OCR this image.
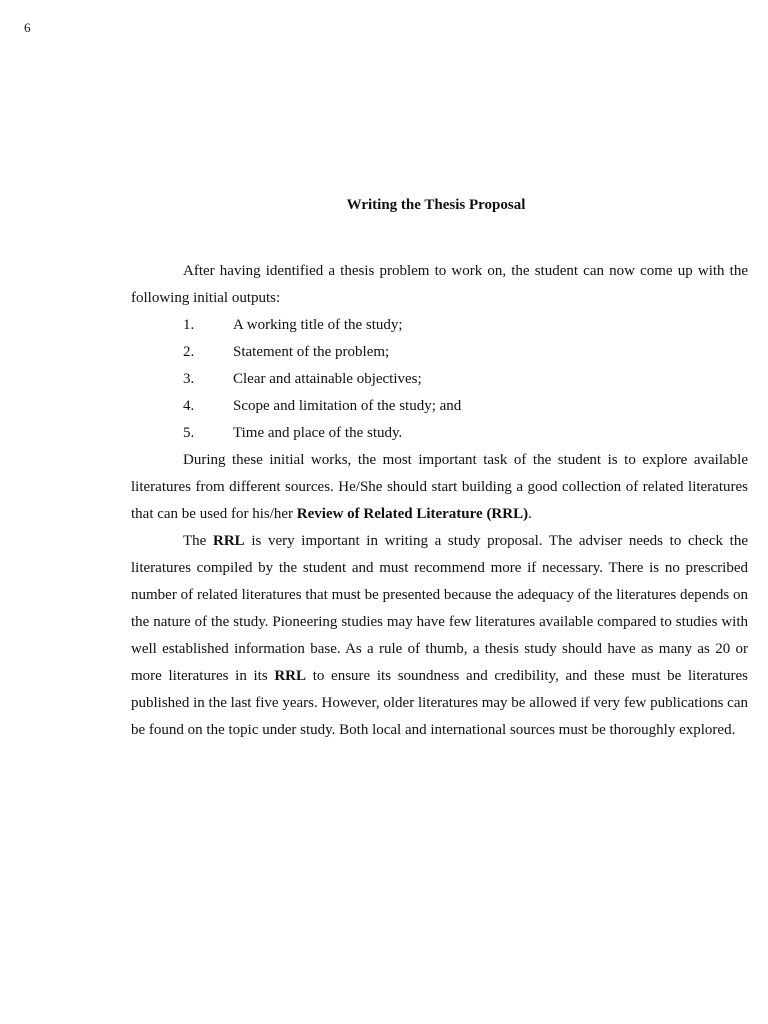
6
Writing the Thesis Proposal

After having identified a thesis problem to work on, the student can now come up with the following initial outputs:

1.	A working title of the study;
2.	Statement of the problem;
3.	Clear and attainable objectives;
4.	Scope and limitation of the study; and
5.	Time and place of the study.

During these initial works, the most important task of the student is to explore available literatures from different sources. He/She should start building a good collection of related literatures that can be used for his/her Review of Related Literature (RRL).

The RRL is very important in writing a study proposal. The adviser needs to check the literatures compiled by the student and must recommend more if necessary. There is no prescribed number of related literatures that must be presented because the adequacy of the literatures depends on the nature of the study. Pioneering studies may have few literatures available compared to studies with well established information base. As a rule of thumb, a thesis study should have as many as 20 or more literatures in its RRL to ensure its soundness and credibility, and these must be literatures published in the last five years. However, older literatures may be allowed if very few publications can be found on the topic under study. Both local and international sources must be thoroughly explored.
